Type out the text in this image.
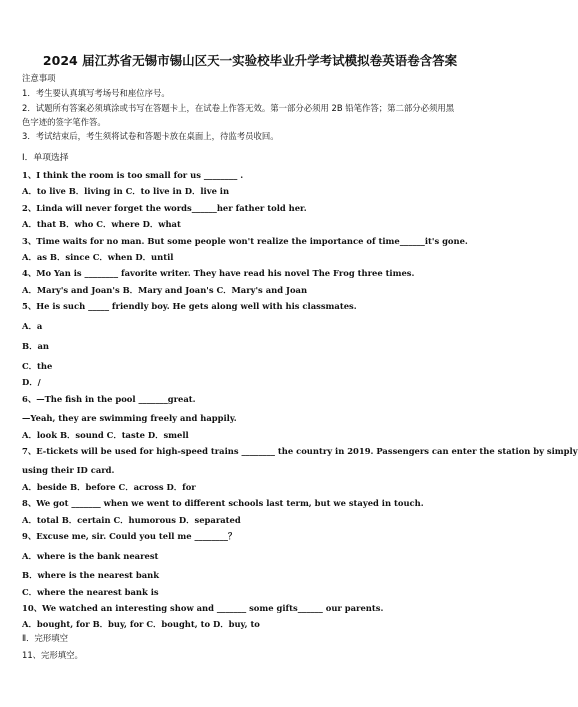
2024 届江苏省无锡市锡山区天一实验校毕业升学考试模拟卷英语卷含答案
注意事项
1．考生要认真填写考场号和座位序号。
2．试题所有答案必须填涂或书写在答题卡上，在试卷上作答无效。第一部分必须用 2B 铅笔作答；第二部分必须用黑
色字迹的签字笔作答。
3．考试结束后，考生须将试卷和答题卡放在桌面上，待监考员收回。
Ⅰ．单项选择
1、I think the room is too small for us ________ .
A．to live B．living in C．to live in D．live in
2、Linda will never forget the words______her father told her.
A．that B．who C．where D．what
3、Time waits for no man. But some people won't realize the importance of time______it's gone.
A．as B．since C．when D．until
4、Mo Yan is ________ favorite writer. They have read his novel The Frog three times.
A．Mary's and Joan's B．Mary and Joan's C．Mary's and Joan
5、He is such _____ friendly boy. He gets along well with his classmates.
A．a
B．an
C．the
D．/
6、—The fish in the pool _______great.
—Yeah, they are swimming freely and happily.
A．look B．sound C．taste D．smell
7、E-tickets will be used for high-speed trains ________ the country in 2019. Passengers can enter the station by simply
using their ID card.
A．beside B．before C．across D．for
8、We got _______ when we went to different schools last term, but we stayed in touch.
A．total B．certain C．humorous D．separated
9、Excuse me, sir. Could you tell me ________？
A．where is the bank nearest
B．where is the nearest bank
C．where the nearest bank is
10、We watched an interesting show and _______ some gifts______ our parents.
A．bought, for B．buy, for C．bought, to D．buy, to
Ⅱ．完形填空
11、完形填空。
